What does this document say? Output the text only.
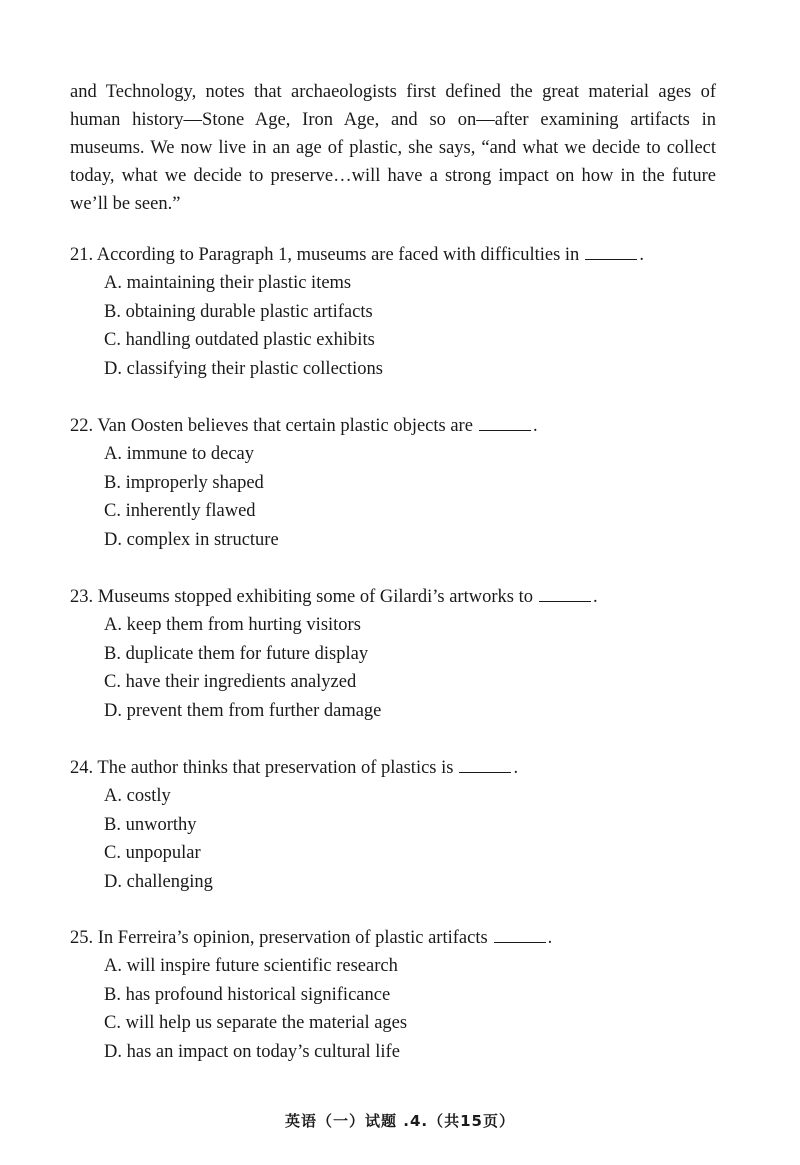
and Technology, notes that archaeologists first defined the great material ages of human history—Stone Age, Iron Age, and so on—after examining artifacts in museums. We now live in an age of plastic, she says, “and what we decide to collect today, what we decide to preserve…will have a strong impact on how in the future we’ll be seen.”

21. According to Paragraph 1, museums are faced with difficulties in	.
A. maintaining their plastic items
B. obtaining durable plastic artifacts
C. handling outdated plastic exhibits
D. classifying their plastic collections
22. Van Oosten believes that certain plastic objects are	.
A. immune to decay
B. improperly shaped
C. inherently flawed
D. complex in structure
23. Museums stopped exhibiting some of Gilardi’s artworks to	.
A. keep them from hurting visitors
B. duplicate them for future display
C. have their ingredients analyzed
D. prevent them from further damage
24. The author thinks that preservation of plastics is	.
A. costly
B. unworthy
C. unpopular
D. challenging
25. In Ferreira’s opinion, preservation of plastic artifacts	.
A. will inspire future scientific research
B. has profound historical significance
C. will help us separate the material ages
D. has an impact on today’s cultural life
英语（一）试题 .4.（共15页）
